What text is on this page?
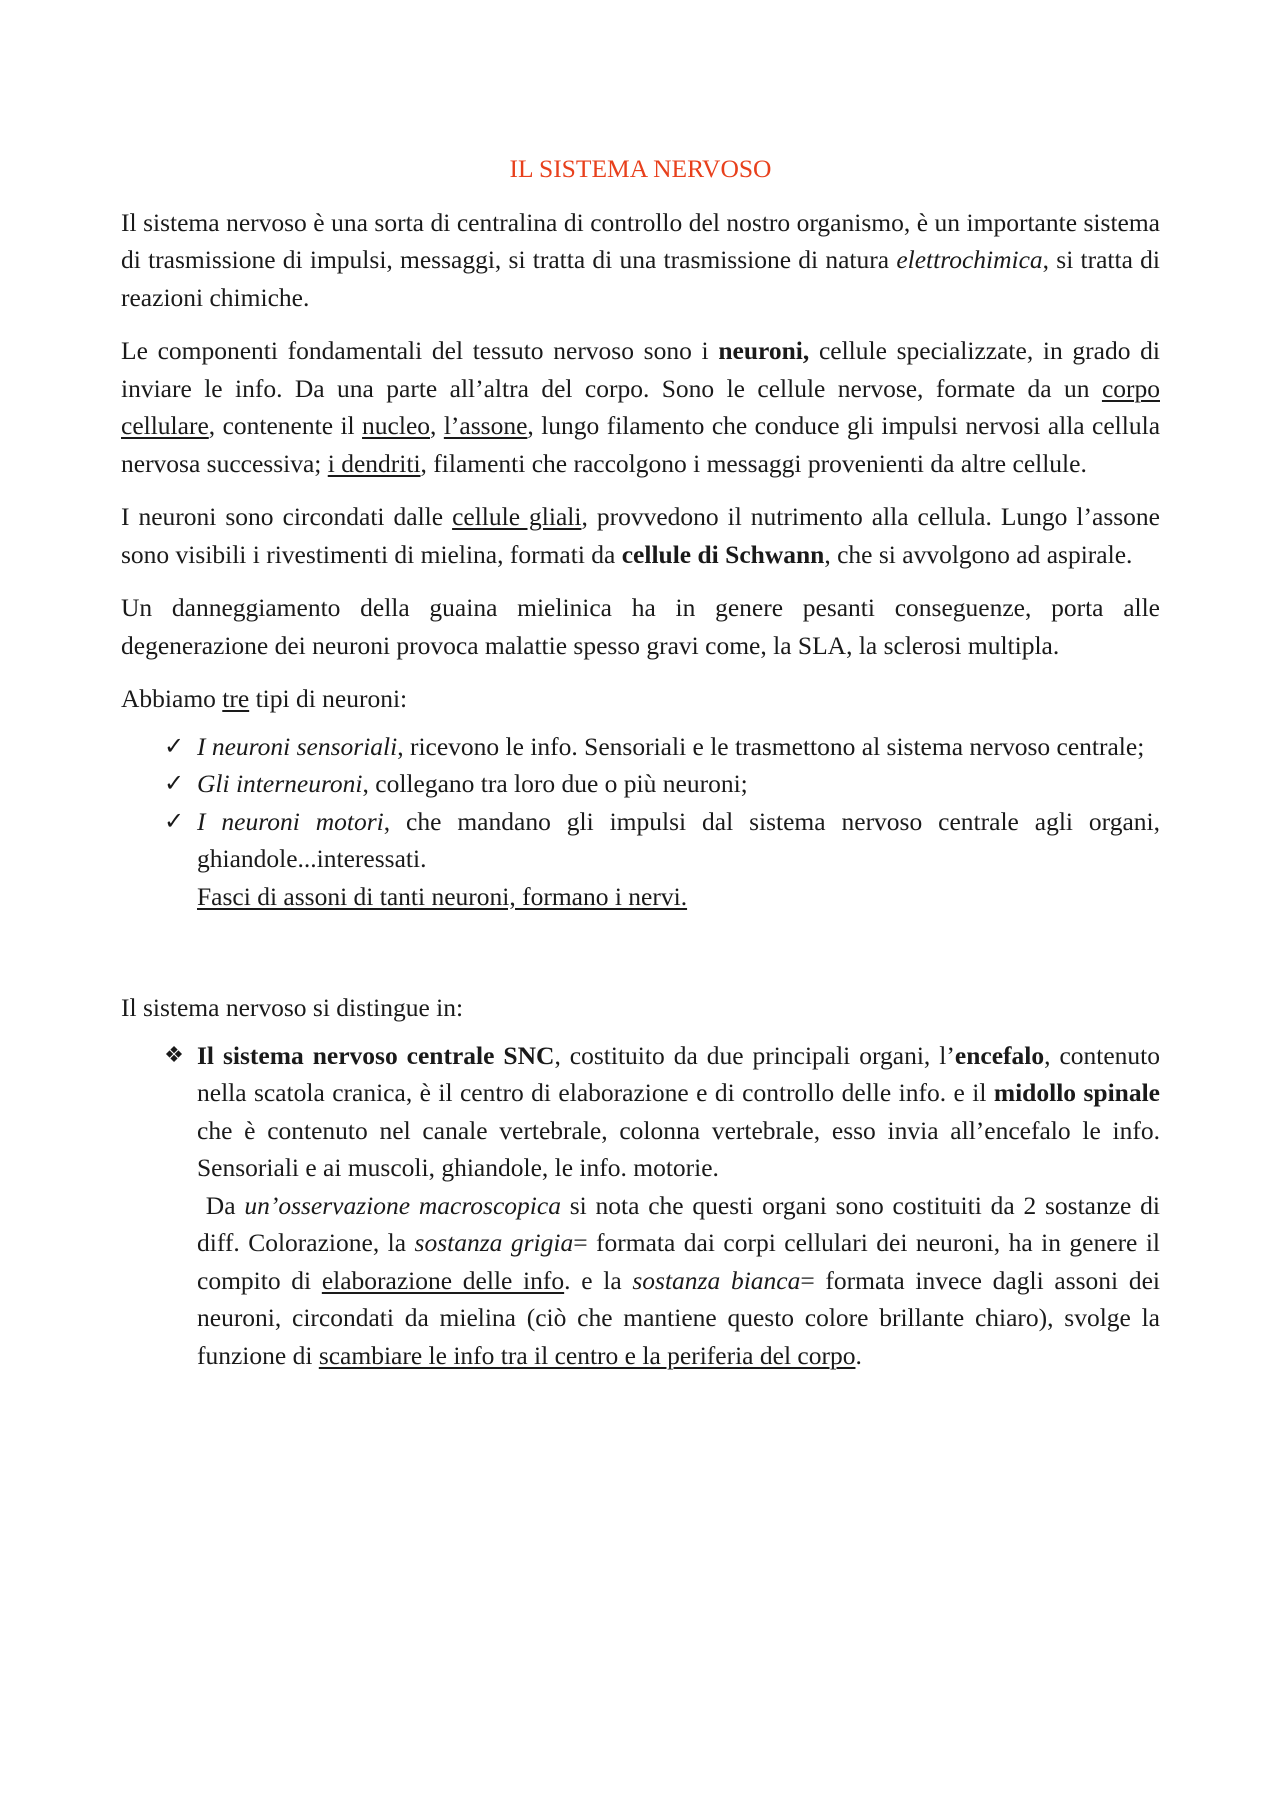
IL SISTEMA NERVOSO

Il sistema nervoso è una sorta di centralina di controllo del nostro organismo, è un importante sistema di trasmissione di impulsi, messaggi, si tratta di una trasmissione di natura elettrochimica, si tratta di reazioni chimiche.

Le componenti fondamentali del tessuto nervoso sono i neuroni, cellule specializzate, in grado di inviare le info. Da una parte all’altra del corpo. Sono le cellule nervose, formate da un corpo cellulare, contenente il nucleo, l’assone, lungo filamento che conduce gli impulsi nervosi alla cellula nervosa successiva; i dendriti, filamenti che raccolgono i messaggi provenienti da altre cellule.

I neuroni sono circondati dalle cellule gliali, provvedono il nutrimento alla cellula. Lungo l’assone sono visibili i rivestimenti di mielina, formati da cellule di Schwann, che si avvolgono ad aspirale.

Un danneggiamento della guaina mielinica ha in genere pesanti conseguenze, porta alle degenerazione dei neuroni provoca malattie spesso gravi come, la SLA, la sclerosi multipla.

Abbiamo tre tipi di neuroni:

✓ I neuroni sensoriali, ricevono le info. Sensoriali e le trasmettono al sistema nervoso centrale;
✓ Gli interneuroni, collegano tra loro due o più neuroni;
✓ I neuroni motori, che mandano gli impulsi dal sistema nervoso centrale agli organi, ghiandole...interessati.
Fasci di assoni di tanti neuroni, formano i nervi.

Il sistema nervoso si distingue in:

❖ Il sistema nervoso centrale SNC, costituito da due principali organi, l’encefalo, contenuto nella scatola cranica, è il centro di elaborazione e di controllo delle info. e il midollo spinale che è contenuto nel canale vertebrale, colonna vertebrale, esso invia all’encefalo le info. Sensoriali e ai muscoli, ghiandole, le info. motorie.
Da un’osservazione macroscopica si nota che questi organi sono costituiti da 2 sostanze di diff. Colorazione, la sostanza grigia= formata dai corpi cellulari dei neuroni, ha in genere il compito di elaborazione delle info. e la sostanza bianca= formata invece dagli assoni dei neuroni, circondati da mielina (ciò che mantiene questo colore brillante chiaro), svolge la funzione di scambiare le info tra il centro e la periferia del corpo.
